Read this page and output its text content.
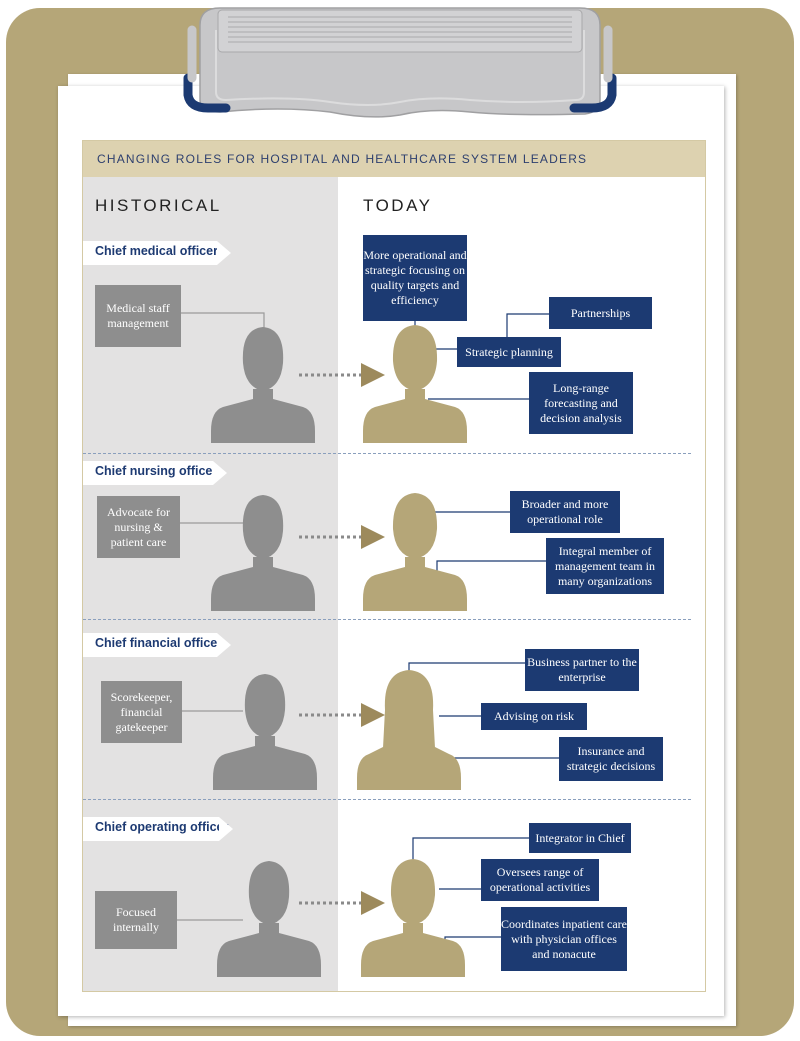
CHANGING ROLES FOR HOSPITAL AND HEALTHCARE SYSTEM LEADERS
HISTORICAL	TODAY
Chief medical officer
Chief nursing officer
Chief financial officer
Chief operating officer
Medical staff management
Advocate for nursing & patient care
Scorekeeper, financial gatekeeper
Focused internally
More operational and strategic focusing on quality targets and efficiency
Partnerships
Strategic planning
Long-range forecasting and decision analysis
Broader and more operational role
Integral member of management team in many organizations
Business partner to the enterprise
Advising on risk
Insurance and strategic decisions
Integrator in Chief
Oversees range of operational activities
Coordinates inpatient care with physician offices and nonacute
